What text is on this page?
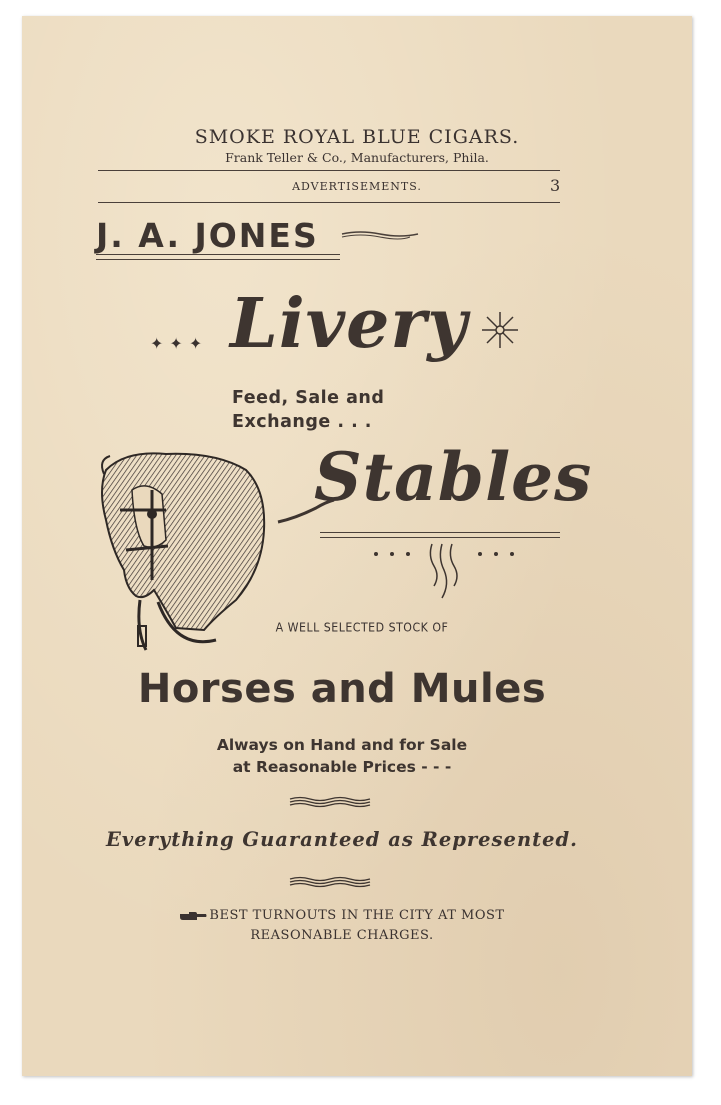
SMOKE ROYAL BLUE CIGARS.
Frank Teller & Co., Manufacturers, Phila.
ADVERTISEMENTS.	3
J. A. JONES
✦✦✦ Livery
Feed, Sale and
Exchange . . .
Stables
A WELL SELECTED STOCK OF
Horses and Mules
Always on Hand and for Sale
at Reasonable Prices - - -
Everything Guaranteed as Represented.
BEST TURNOUTS IN THE CITY AT MOST
REASONABLE CHARGES.
